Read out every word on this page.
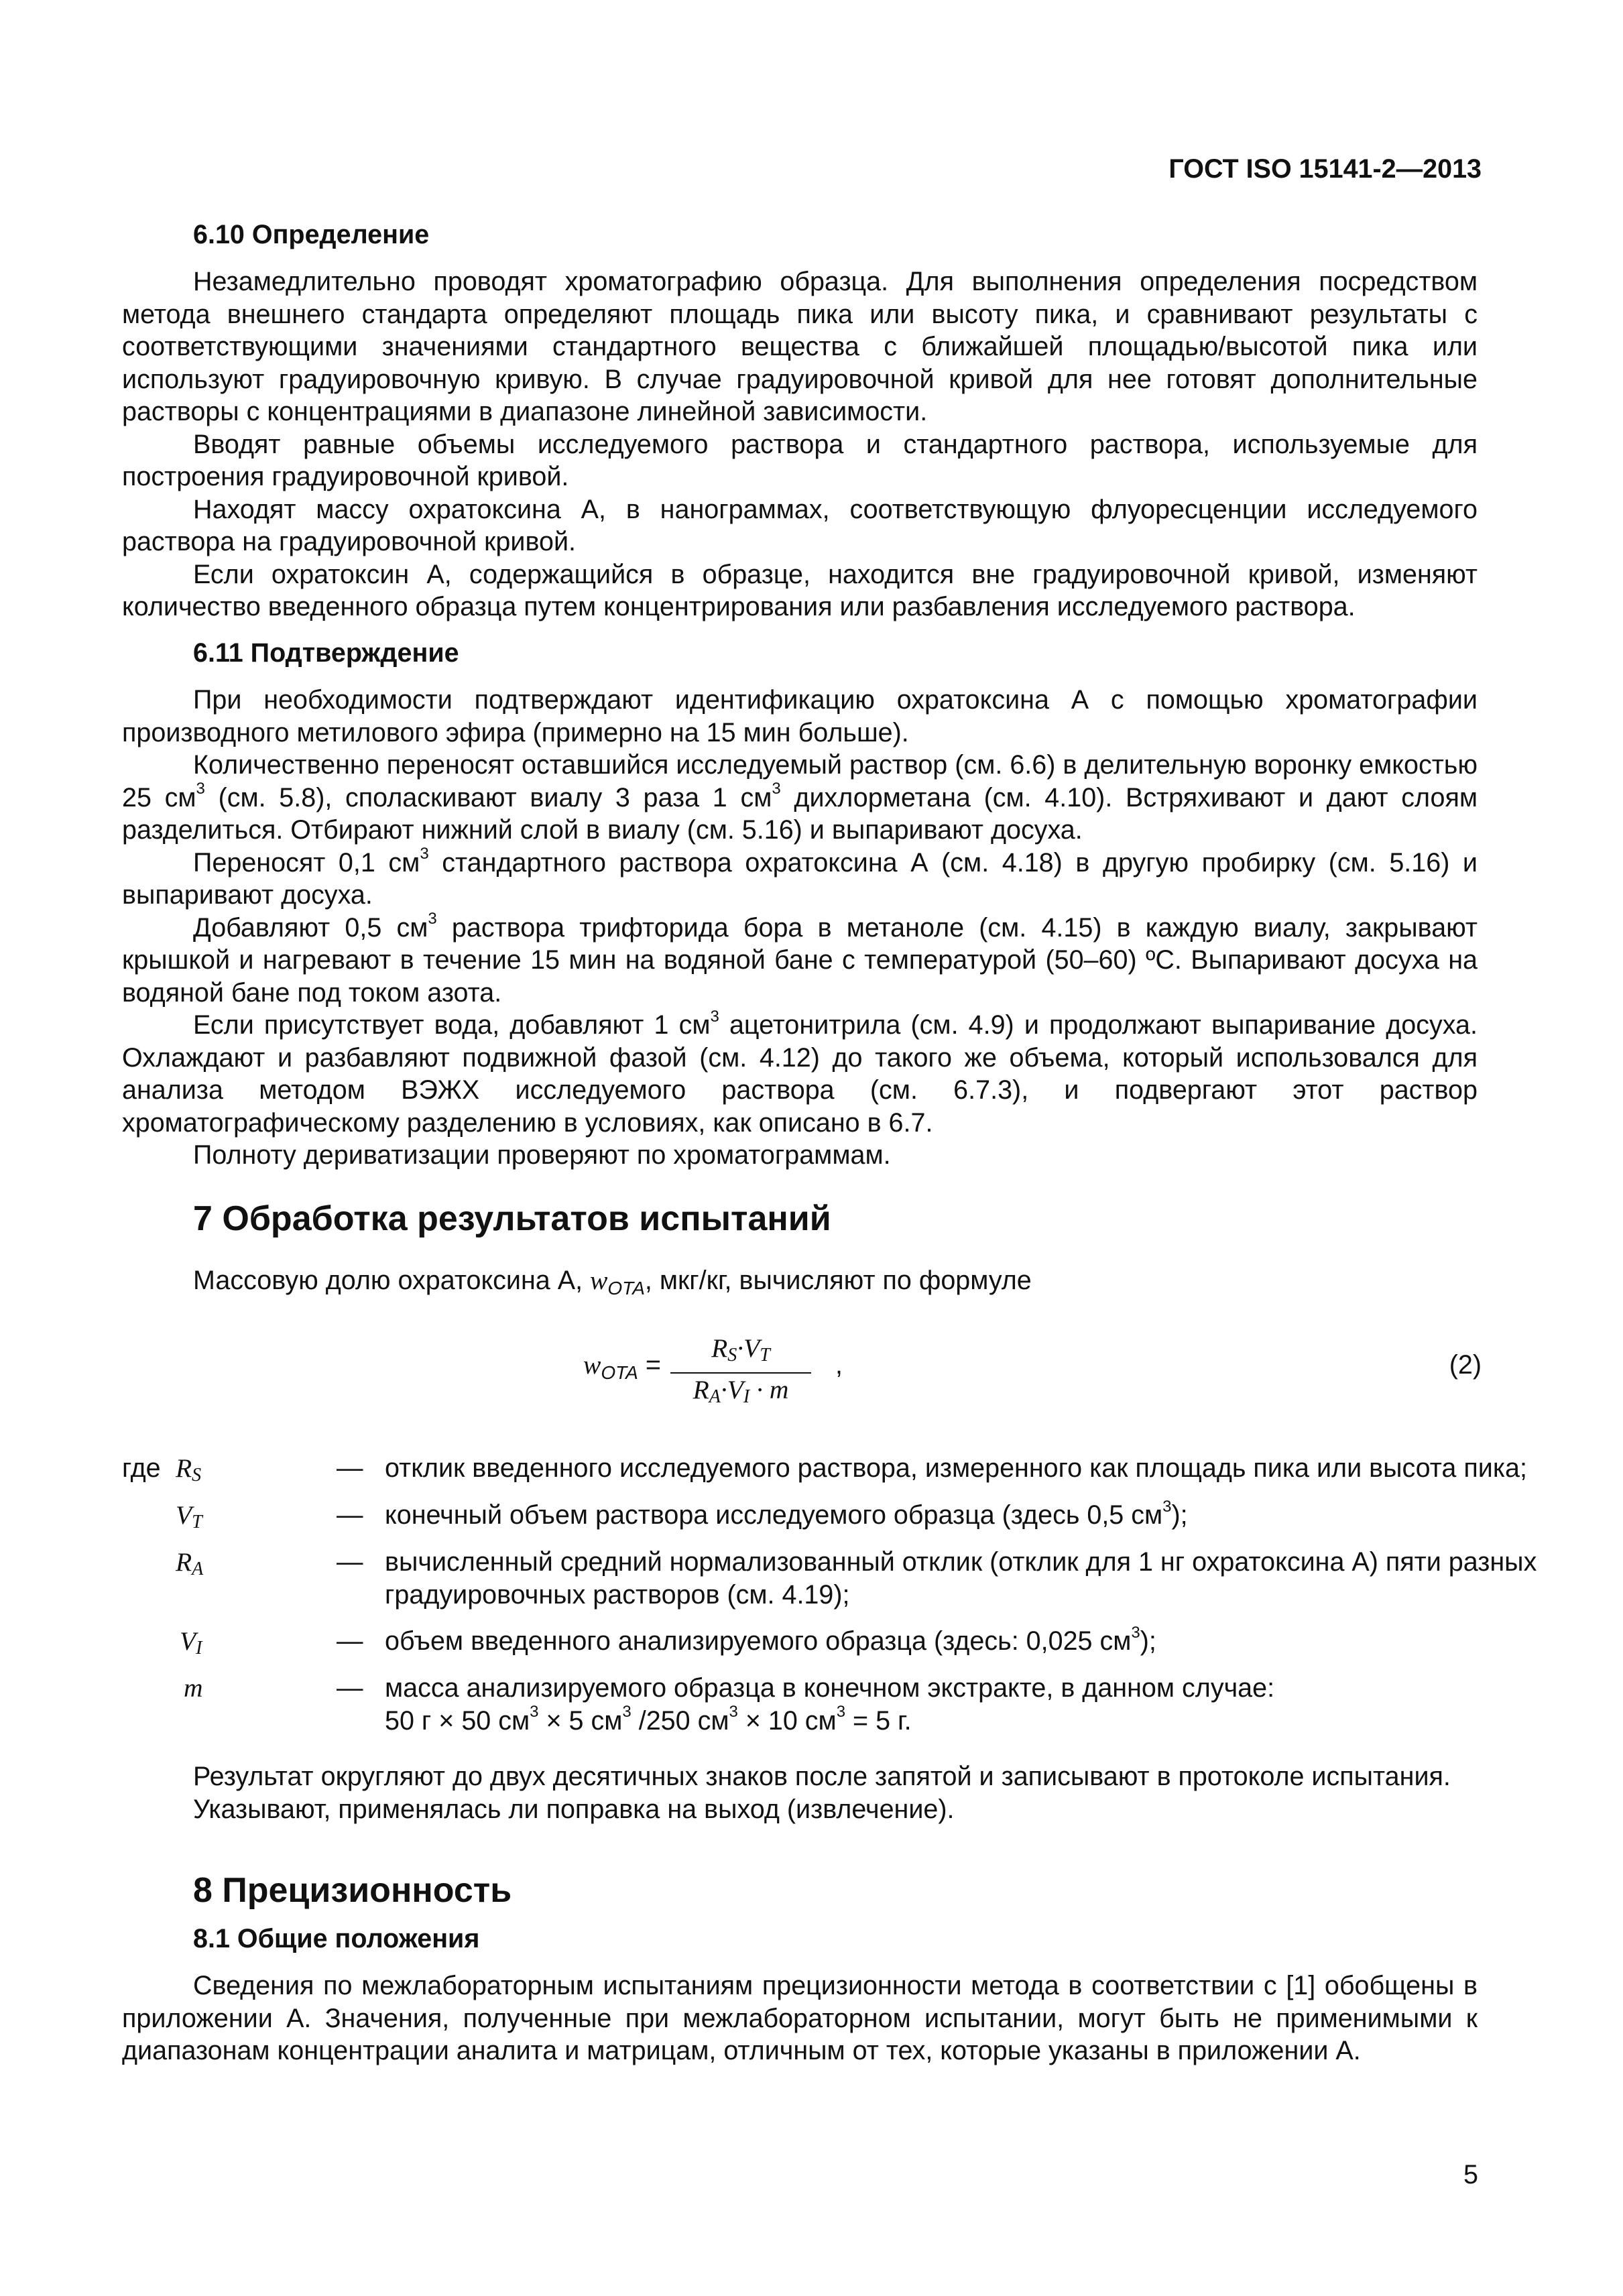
ГОСТ ISO 15141-2—2013
6.10 Определение

Незамедлительно проводят хроматографию образца. Для выполнения определения посредством метода внешнего стандарта определяют площадь пика или высоту пика, и сравнивают результаты с соответствующими значениями стандартного вещества с ближайшей площадью/высотой пика или используют градуировочную кривую. В случае градуировочной кривой для нее готовят дополнительные растворы с концентрациями в диапазоне линейной зависимости.

Вводят равные объемы исследуемого раствора и стандартного раствора, используемые для построения градуировочной кривой.

Находят массу охратоксина А, в нанограммах, соответствующую флуоресценции исследуемого раствора на градуировочной кривой.

Если охратоксин А, содержащийся в образце, находится вне градуировочной кривой, изменяют количество введенного образца путем концентрирования или разбавления исследуемого раствора.

6.11 Подтверждение

При необходимости подтверждают идентификацию охратоксина А с помощью хроматографии производного метилового эфира (примерно на 15 мин больше).

Количественно переносят оставшийся исследуемый раствор (см. 6.6) в делительную воронку емкостью 25 $см^3$ (см. 5.8), споласкивают виалу 3 раза 1 $см^3$ дихлорметана (см. 4.10). Встряхивают и дают слоям разделиться. Отбирают нижний слой в виалу (см. 5.16) и выпаривают досуха.

Переносят 0,1 $см^3$ стандартного раствора охратоксина А (см. 4.18) в другую пробирку (см. 5.16) и выпаривают досуха.

Добавляют 0,5 $см^3$ раствора трифторида бора в метаноле (см. 4.15) в каждую виалу, закрывают крышкой и нагревают в течение 15 мин на водяной бане с температурой (50–60) ºС. Выпаривают досуха на водяной бане под током азота.

Если присутствует вода, добавляют 1 $см^3$ ацетонитрила (см. 4.9) и продолжают выпаривание досуха. Охлаждают и разбавляют подвижной фазой (см. 4.12) до такого же объема, который использовался для анализа методом ВЭЖХ исследуемого раствора (см. 6.7.3), и подвергают этот раствор хроматографическому разделению в условиях, как описано в 6.7.

Полноту дериватизации проверяют по хроматограммам.

7 Обработка результатов испытаний
Массовую долю охратоксина А, $w_{OTA}$, мкг/кг, вычисляют по формуле
$w_{OTA} = \frac{RS\cdot VT}{RA\cdot VI \cdot m}$ ,	(2)
где RS	— отклик введенного исследуемого раствора, измеренного как площадь пика или высота пика;
VT	— конечный объем раствора исследуемого образца (здесь 0,5 $см^3$);
RA	— вычисленный средний нормализованный отклик (отклик для 1 нг охратоксина А) пяти разных градуировочных растворов (см. 4.19);
VI	— объем введенного анализируемого образца (здесь: 0,025 $см^3$);
m	— масса анализируемого образца в конечном экстракте, в данном случае:
50 г × 50 $см^3 \times 5$ $см^3$ /250 $см^3 \times 10$ $см^3 = 5$ г.
Результат округляют до двух десятичных знаков после запятой и записывают в протоколе испытания.
Указывают, применялась ли поправка на выход (извлечение).
8 Прецизионность
8.1 Общие положения

Сведения по межлабораторным испытаниям прецизионности метода в соответствии с [1] обобщены в приложении А. Значения, полученные при межлабораторном испытании, могут быть не применимыми к диапазонам концентрации аналита и матрицам, отличным от тех, которые указаны в приложении А.

5
